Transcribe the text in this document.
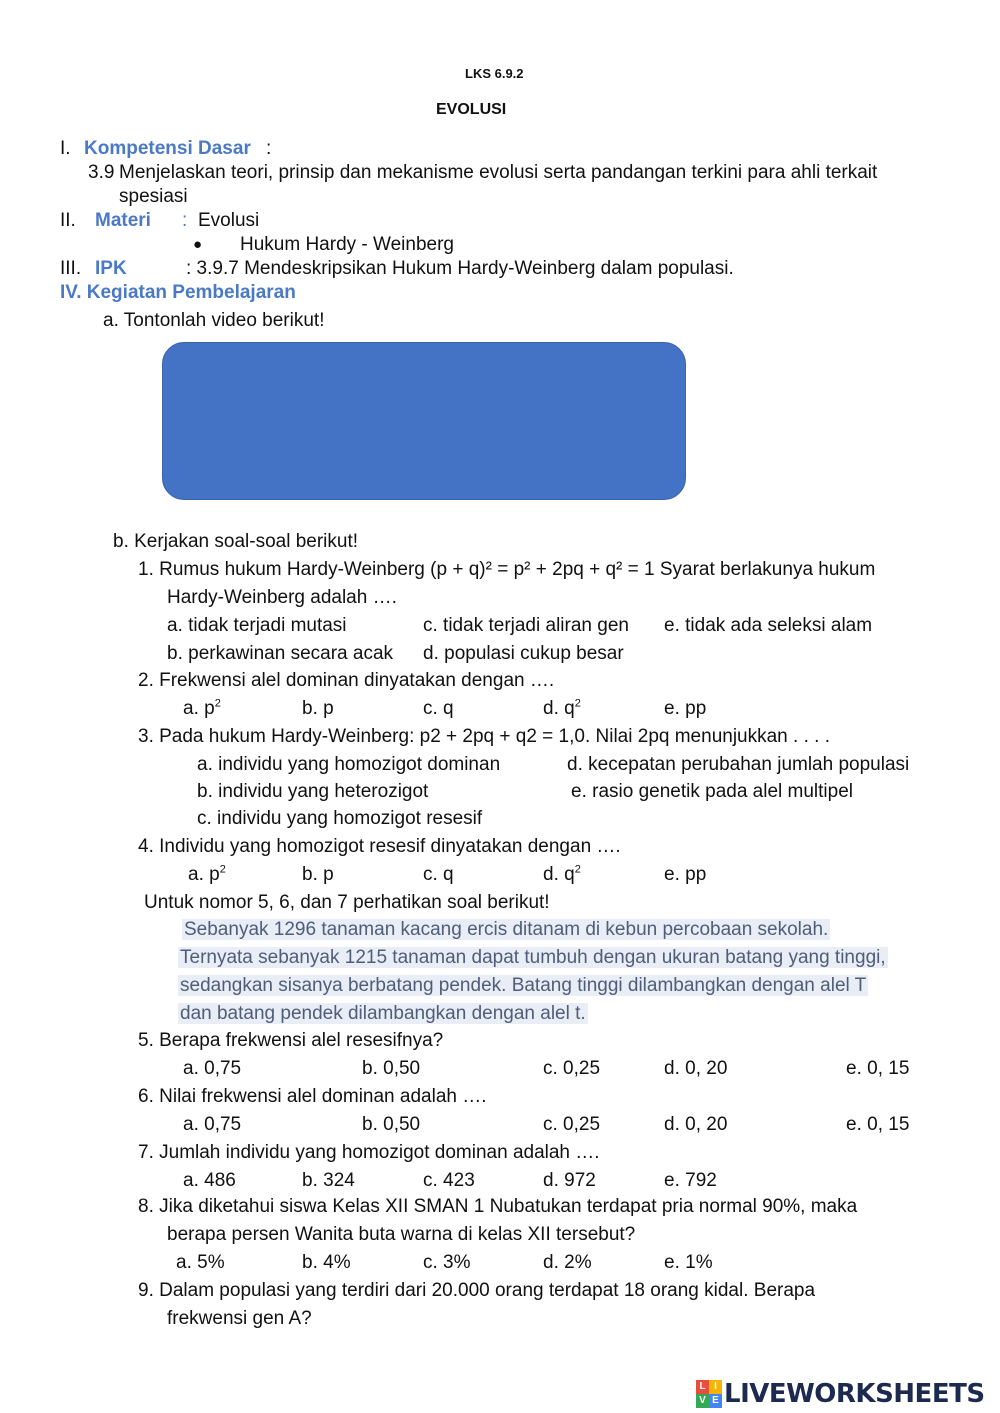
LKS 6.9.2
EVOLUSI
I. Kompetensi Dasar :
3.9 Menjelaskan teori, prinsip dan mekanisme evolusi serta pandangan terkini para ahli terkait
spesiasi
II. Materi : Evolusi
● Hukum Hardy - Weinberg
III. IPK	: 3.9.7 Mendeskripsikan Hukum Hardy-Weinberg dalam populasi.
IV. Kegiatan Pembelajaran
a. Tontonlah video berikut!
b. Kerjakan soal-soal berikut!
1. Rumus hukum Hardy-Weinberg (p + q)² = p² + 2pq + q² = 1 Syarat berlakunya hukum
Hardy-Weinberg adalah ….
a. tidak terjadi mutasi	c. tidak terjadi aliran gen e. tidak ada seleksi alam
b. perkawinan secara acak d. populasi cukup besar
2. Frekwensi alel dominan dinyatakan dengan ….
a. $p^2$	b. p	c. q	d. $q^2$	e. pp
3. Pada hukum Hardy-Weinberg: p2 + 2pq + q2 = 1,0. Nilai 2pq menunjukkan . . . .
a. individu yang homozigot dominan	d. kecepatan perubahan jumlah populasi
b. individu yang heterozigot	e. rasio genetik pada alel multipel
c. individu yang homozigot resesif
4. Individu yang homozigot resesif dinyatakan dengan ….
a. $p^2$	b. p	c. q	d. $q^2$	e. pp
Untuk nomor 5, 6, dan 7 perhatikan soal berikut!
Sebanyak 1296 tanaman kacang ercis ditanam di kebun percobaan sekolah.
Ternyata sebanyak 1215 tanaman dapat tumbuh dengan ukuran batang yang tinggi,
sedangkan sisanya berbatang pendek. Batang tinggi dilambangkan dengan alel T
dan batang pendek dilambangkan dengan alel t.
5. Berapa frekwensi alel resesifnya?
a. 0,75	b. 0,50	c. 0,25	d. 0, 20	e. 0, 15
6. Nilai frekwensi alel dominan adalah ….
a. 0,75	b. 0,50	c. 0,25	d. 0, 20	e. 0, 15
7. Jumlah individu yang homozigot dominan adalah ….
a. 486	b. 324	c. 423	d. 972	e. 792
8. Jika diketahui siswa Kelas XII SMAN 1 Nubatukan terdapat pria normal 90%, maka
berapa persen Wanita buta warna di kelas XII tersebut?
a. 5%	b. 4%	c. 3%	d. 2%	e. 1%
9. Dalam populasi yang terdiri dari 20.000 orang terdapat 18 orang kidal. Berapa
frekwensi gen A?
L I
V E LIVEWORKSHEETS
